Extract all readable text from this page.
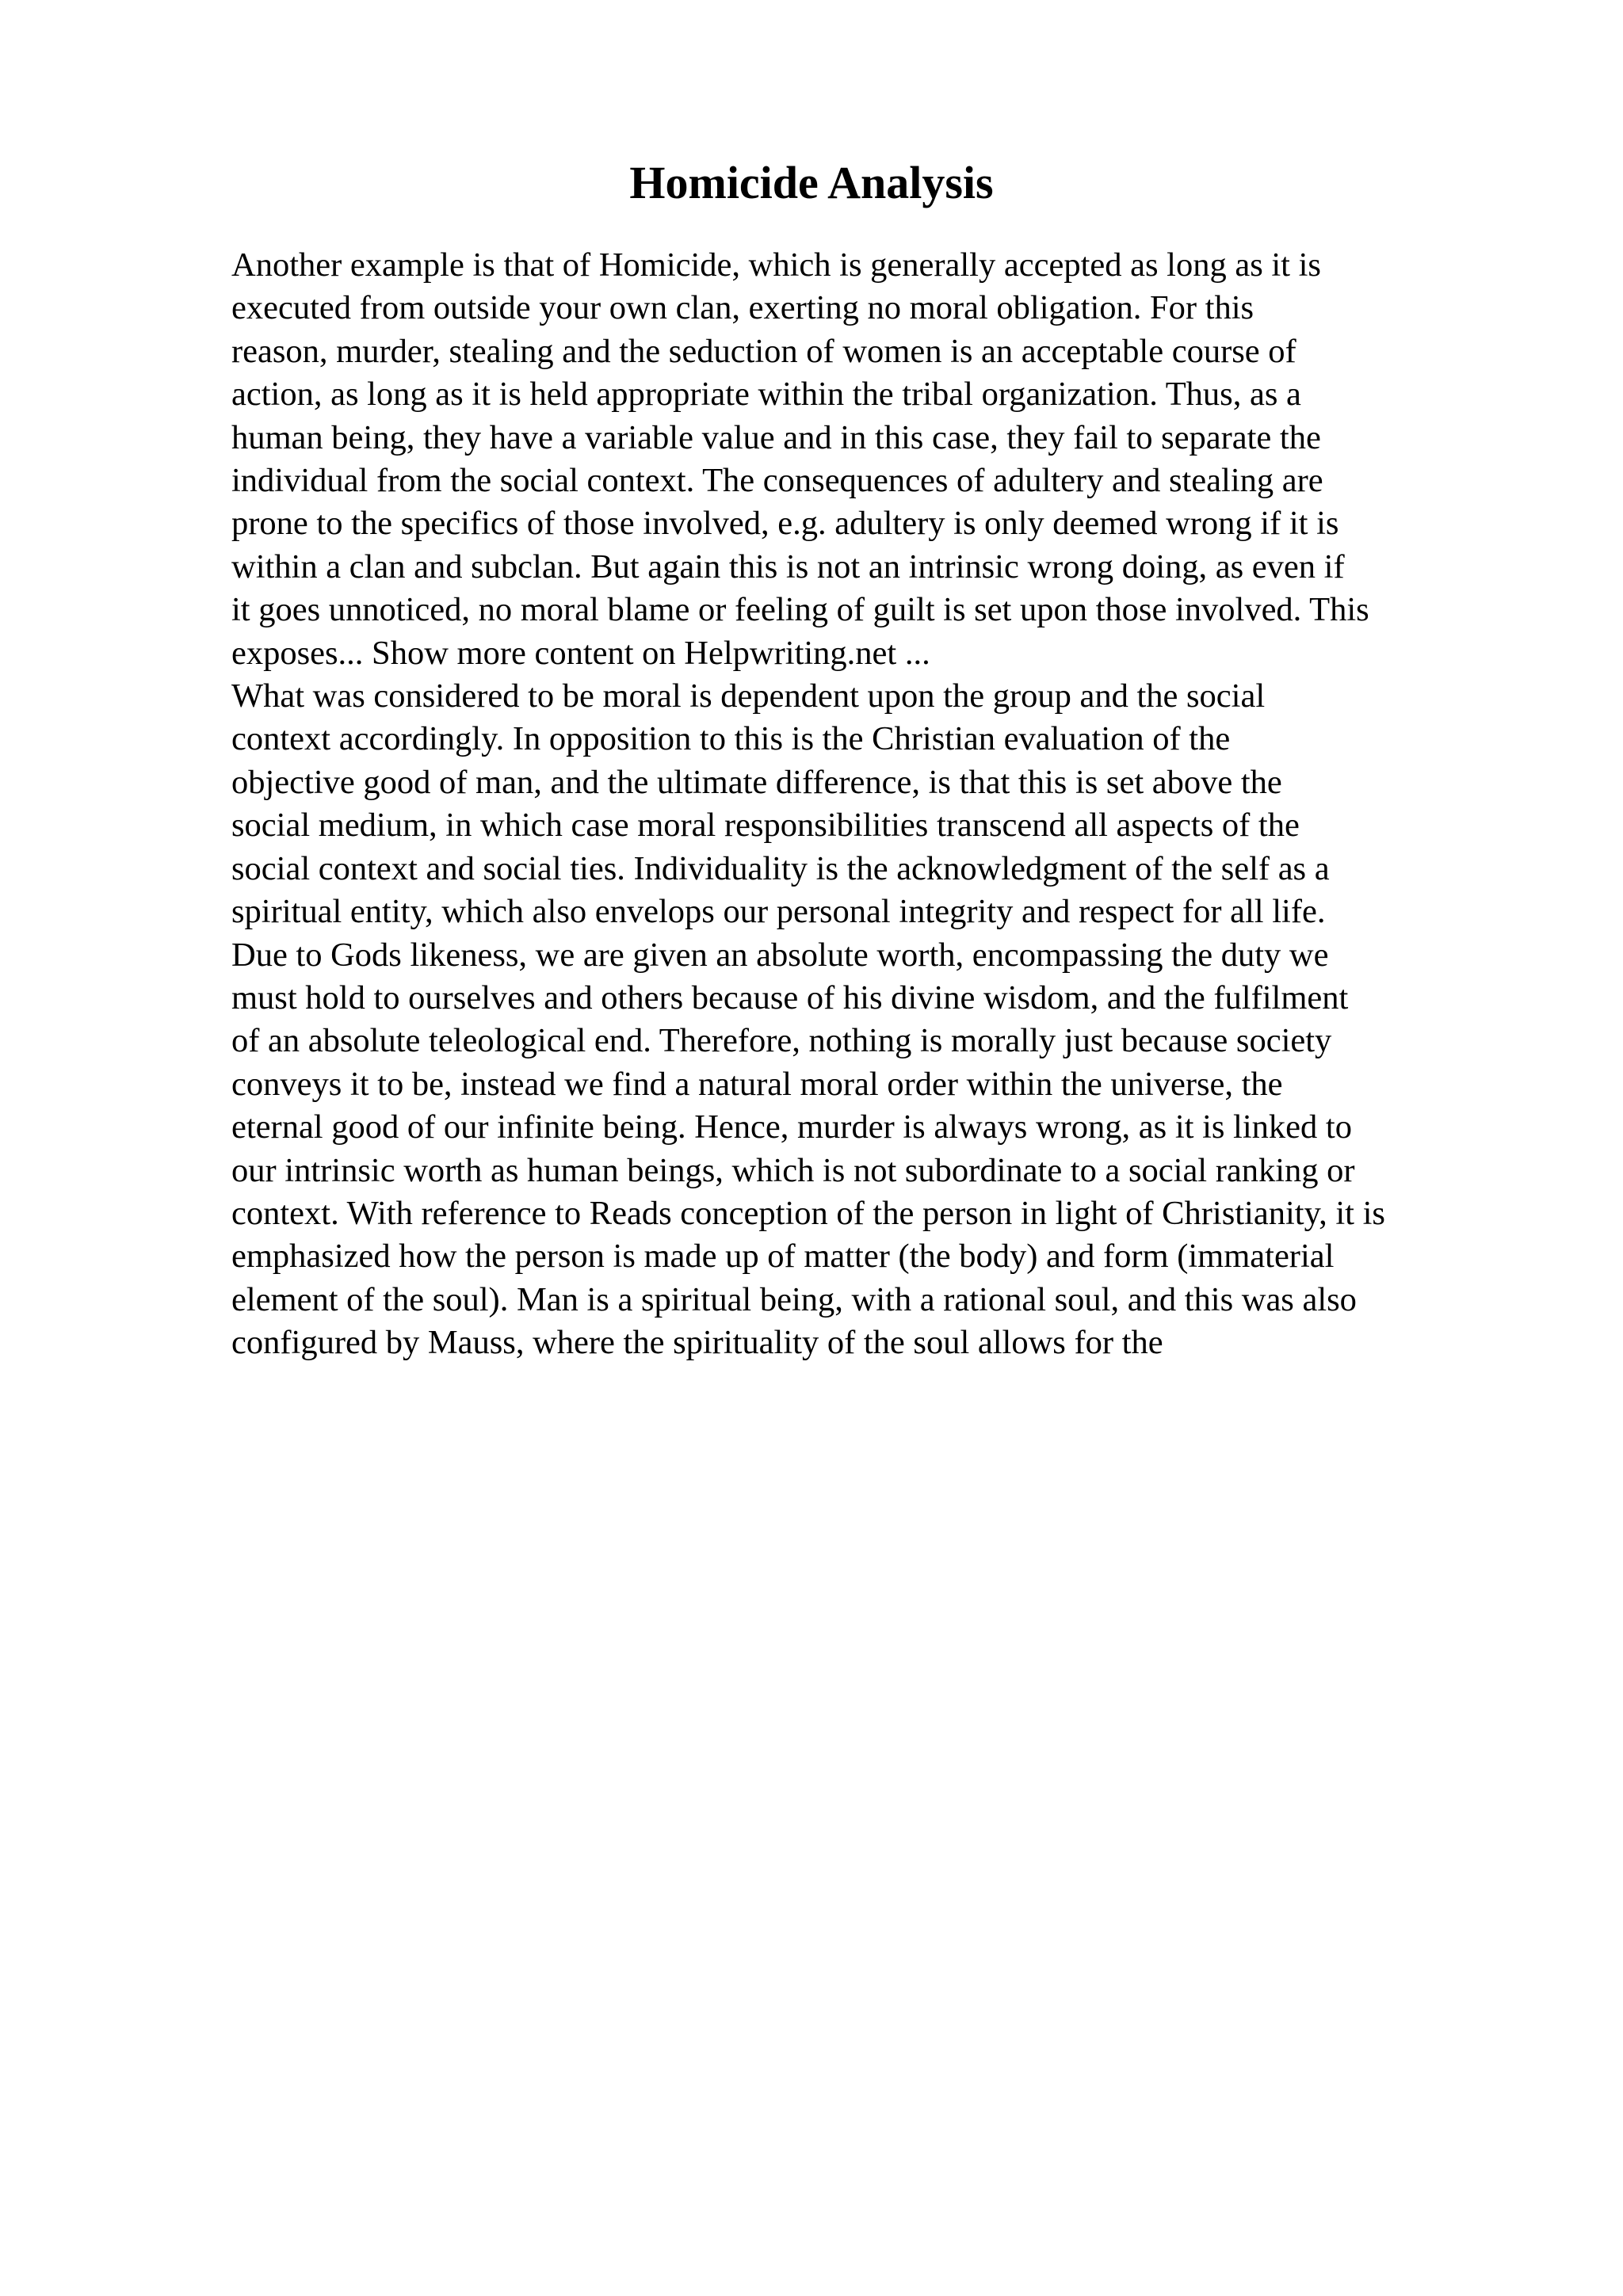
Homicide Analysis
Another example is that of Homicide, which is generally accepted as long as it is
executed from outside your own clan, exerting no moral obligation. For this
reason, murder, stealing and the seduction of women is an acceptable course of
action, as long as it is held appropriate within the tribal organization. Thus, as a
human being, they have a variable value and in this case, they fail to separate the
individual from the social context. The consequences of adultery and stealing are
prone to the specifics of those involved, e.g. adultery is only deemed wrong if it is
within a clan and subclan. But again this is not an intrinsic wrong doing, as even if
it goes unnoticed, no moral blame or feeling of guilt is set upon those involved. This
exposes... Show more content on Helpwriting.net ...
What was considered to be moral is dependent upon the group and the social
context accordingly. In opposition to this is the Christian evaluation of the
objective good of man, and the ultimate difference, is that this is set above the
social medium, in which case moral responsibilities transcend all aspects of the
social context and social ties. Individuality is the acknowledgment of the self as a
spiritual entity, which also envelops our personal integrity and respect for all life.
Due to Gods likeness, we are given an absolute worth, encompassing the duty we
must hold to ourselves and others because of his divine wisdom, and the fulfilment
of an absolute teleological end. Therefore, nothing is morally just because society
conveys it to be, instead we find a natural moral order within the universe, the
eternal good of our infinite being. Hence, murder is always wrong, as it is linked to
our intrinsic worth as human beings, which is not subordinate to a social ranking or
context. With reference to Reads conception of the person in light of Christianity, it is
emphasized how the person is made up of matter (the body) and form (immaterial
element of the soul). Man is a spiritual being, with a rational soul, and this was also
configured by Mauss, where the spirituality of the soul allows for the
